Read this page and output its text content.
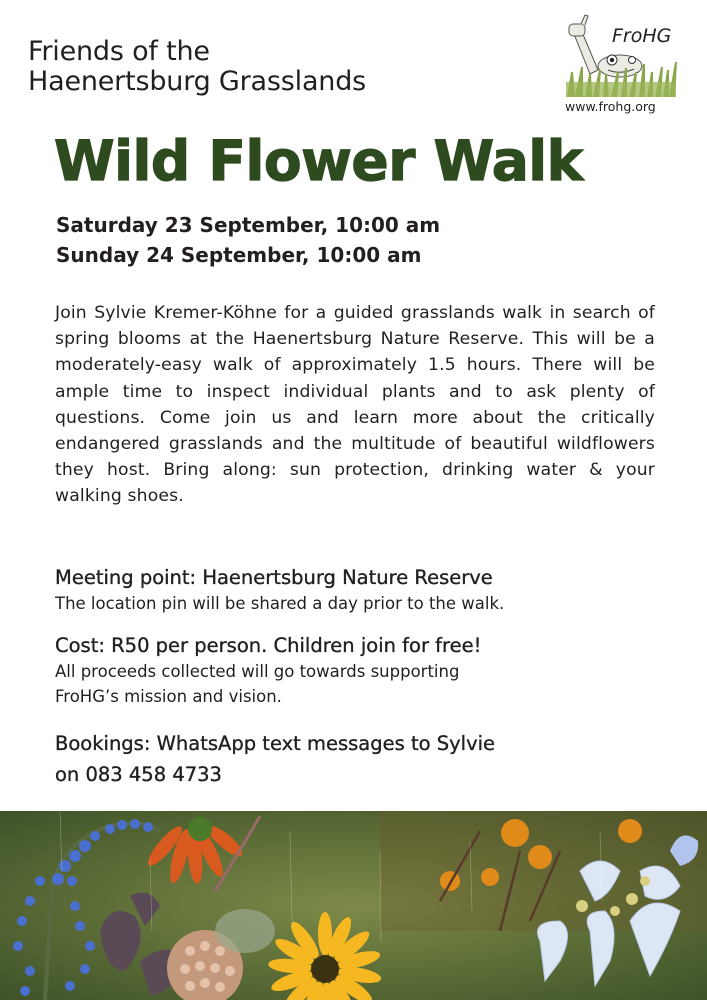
Friends of the
Haenertsburg Grasslands
FroHG
www.frohg.org
Wild Flower Walk
Saturday 23 September, 10:00 am
Sunday 24 September, 10:00 am
Join Sylvie Kremer-Köhne for a guided grasslands walk in search of spring blooms at the Haenertsburg Nature Reserve. This will be a moderately-easy walk of approximately 1.5 hours. There will be ample time to inspect individual plants and to ask plenty of questions. Come join us and learn more about the critically endangered grasslands and the multitude of beautiful wildflowers they host. Bring along: sun protection, drinking water & your walking shoes.
Meeting point: Haenertsburg Nature Reserve
The location pin will be shared a day prior to the walk.
Cost: R50 per person. Children join for free!
All proceeds collected will go towards supporting
FroHG’s mission and vision.
Bookings: WhatsApp text messages to Sylvie
on 083 458 4733
